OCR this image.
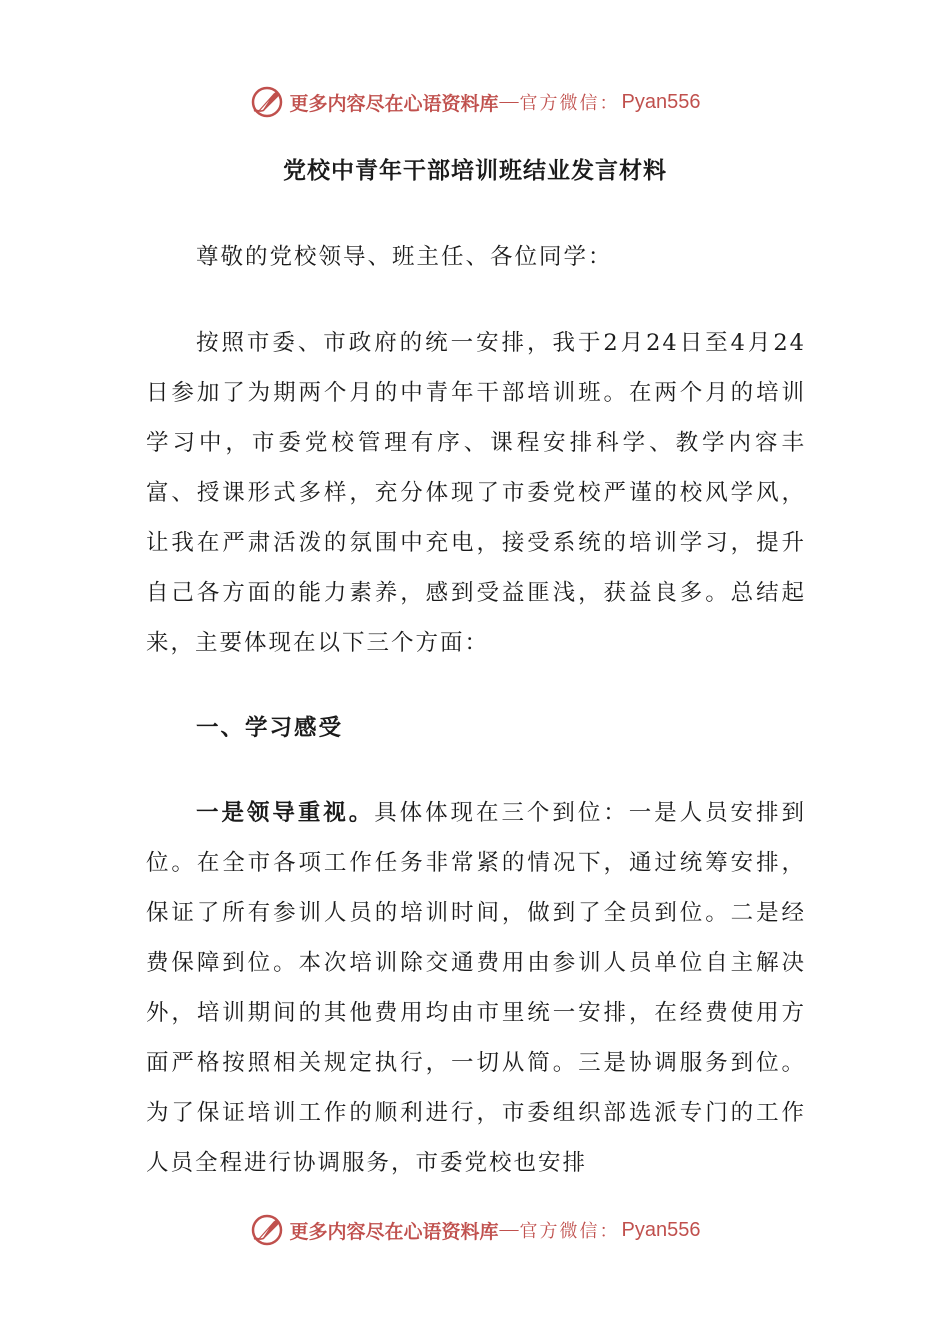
更多内容尽在心语资料库 — 官方微信： Pyan556
党校中青年干部培训班结业发言材料
尊敬的党校领导、班主任、各位同学：
按照市委、市政府的统一安排，我于2月24日至4月24日参加了为期两个月的中青年干部培训班。在两个月的培训学习中，市委党校管理有序、课程安排科学、教学内容丰富、授课形式多样，充分体现了市委党校严谨的校风学风，让我在严肃活泼的氛围中充电，接受系统的培训学习，提升自己各方面的能力素养，感到受益匪浅，获益良多。总结起来，主要体现在以下三个方面：
一、学习感受
一是领导重视。具体体现在三个到位：一是人员安排到位。在全市各项工作任务非常紧的情况下，通过统筹安排，保证了所有参训人员的培训时间，做到了全员到位。二是经费保障到位。本次培训除交通费用由参训人员单位自主解决外，培训期间的其他费用均由市里统一安排，在经费使用方面严格按照相关规定执行，一切从简。三是协调服务到位。为了保证培训工作的顺利进行，市委组织部选派专门的工作人员全程进行协调服务，市委党校也安排
更多内容尽在心语资料库 — 官方微信： Pyan556
